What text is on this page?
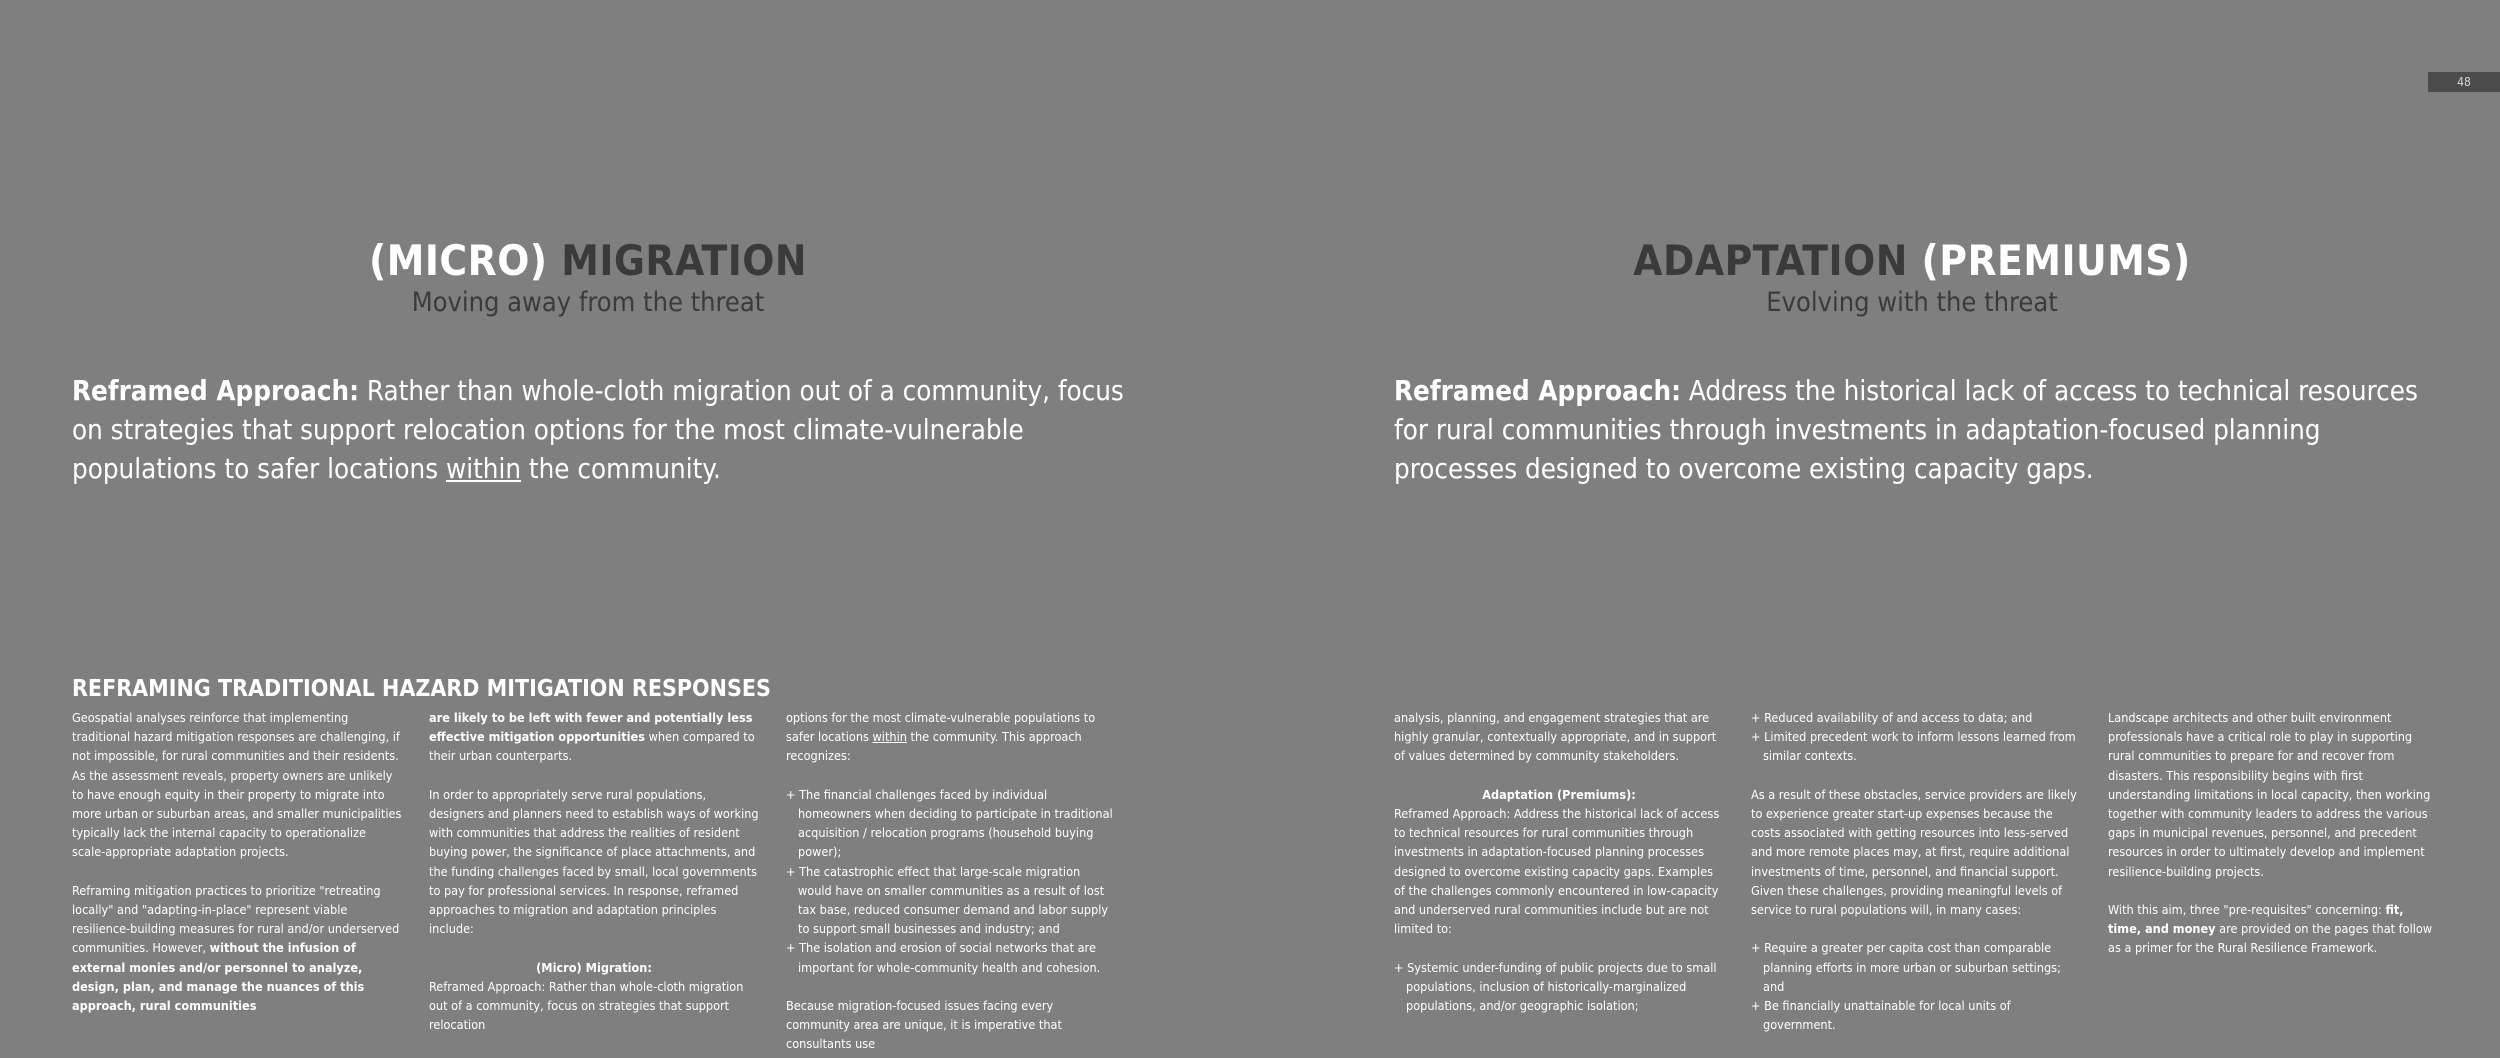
48
(MICRO) MIGRATION
Moving away from the threat
Reframed Approach: Rather than whole-cloth migration out of a community, focus on strategies that support relocation options for the most climate-vulnerable populations to safer locations within the community.
ADAPTATION (PREMIUMS)
Evolving with the threat
Reframed Approach: Address the historical lack of access to technical resources for rural communities through investments in adaptation-focused planning processes designed to overcome existing capacity gaps.
REFRAMING TRADITIONAL HAZARD MITIGATION RESPONSES

Geospatial analyses reinforce that implementing traditional hazard mitigation responses are challenging, if not impossible, for rural communities and their residents.

As the assessment reveals, property owners are unlikely to have enough equity in their property to migrate into more urban or suburban areas, and smaller municipalities typically lack the internal capacity to operationalize scale-appropriate adaptation projects.

Reframing mitigation practices to prioritize "retreating locally" and "adapting-in-place" represent viable resilience-building measures for rural and/or underserved communities. However, without the infusion of external monies and/or personnel to analyze, design, plan, and manage the nuances of this approach, rural communities

are likely to be left with fewer and potentially less effective mitigation opportunities when compared to their urban counterparts.

In order to appropriately serve rural populations, designers and planners need to establish ways of working with communities that address the realities of resident buying power, the significance of place attachments, and the funding challenges faced by small, local governments to pay for professional services. In response, reframed approaches to migration and adaptation principles include:

(Micro) Migration:

Reframed Approach: Rather than whole-cloth migration out of a community, focus on strategies that support relocation

options for the most climate-vulnerable populations to safer locations within the community. This approach recognizes:

+ The financial challenges faced by individual homeowners when deciding to participate in traditional acquisition / relocation programs (household buying power);
+ The catastrophic effect that large-scale migration would have on smaller communities as a result of lost tax base, reduced consumer demand and labor supply to support small businesses and industry; and
+ The isolation and erosion of social networks that are important for whole-community health and cohesion.

Because migration-focused issues facing every community area are unique, it is imperative that consultants use

analysis, planning, and engagement strategies that are highly granular, contextually appropriate, and in support of values determined by community stakeholders.

Adaptation (Premiums):

Reframed Approach: Address the historical lack of access to technical resources for rural communities through investments in adaptation-focused planning processes designed to overcome existing capacity gaps. Examples of the challenges commonly encountered in low-capacity and underserved rural communities include but are not limited to:

+ Systemic under-funding of public projects due to small populations, inclusion of historically-marginalized populations, and/or geographic isolation;
+ Reduced availability of and access to data; and
+ Limited precedent work to inform lessons learned from similar contexts.

As a result of these obstacles, service providers are likely to experience greater start-up expenses because the costs associated with getting resources into less-served and more remote places may, at first, require additional investments of time, personnel, and financial support. Given these challenges, providing meaningful levels of service to rural populations will, in many cases:

+ Require a greater per capita cost than comparable planning efforts in more urban or suburban settings; and
+ Be financially unattainable for local units of government.

Landscape architects and other built environment professionals have a critical role to play in supporting rural communities to prepare for and recover from disasters. This responsibility begins with first understanding limitations in local capacity, then working together with community leaders to address the various gaps in municipal revenues, personnel, and precedent resources in order to ultimately develop and implement resilience-building projects.

With this aim, three "pre-requisites" concerning: fit, time, and money are provided on the pages that follow as a primer for the Rural Resilience Framework.
